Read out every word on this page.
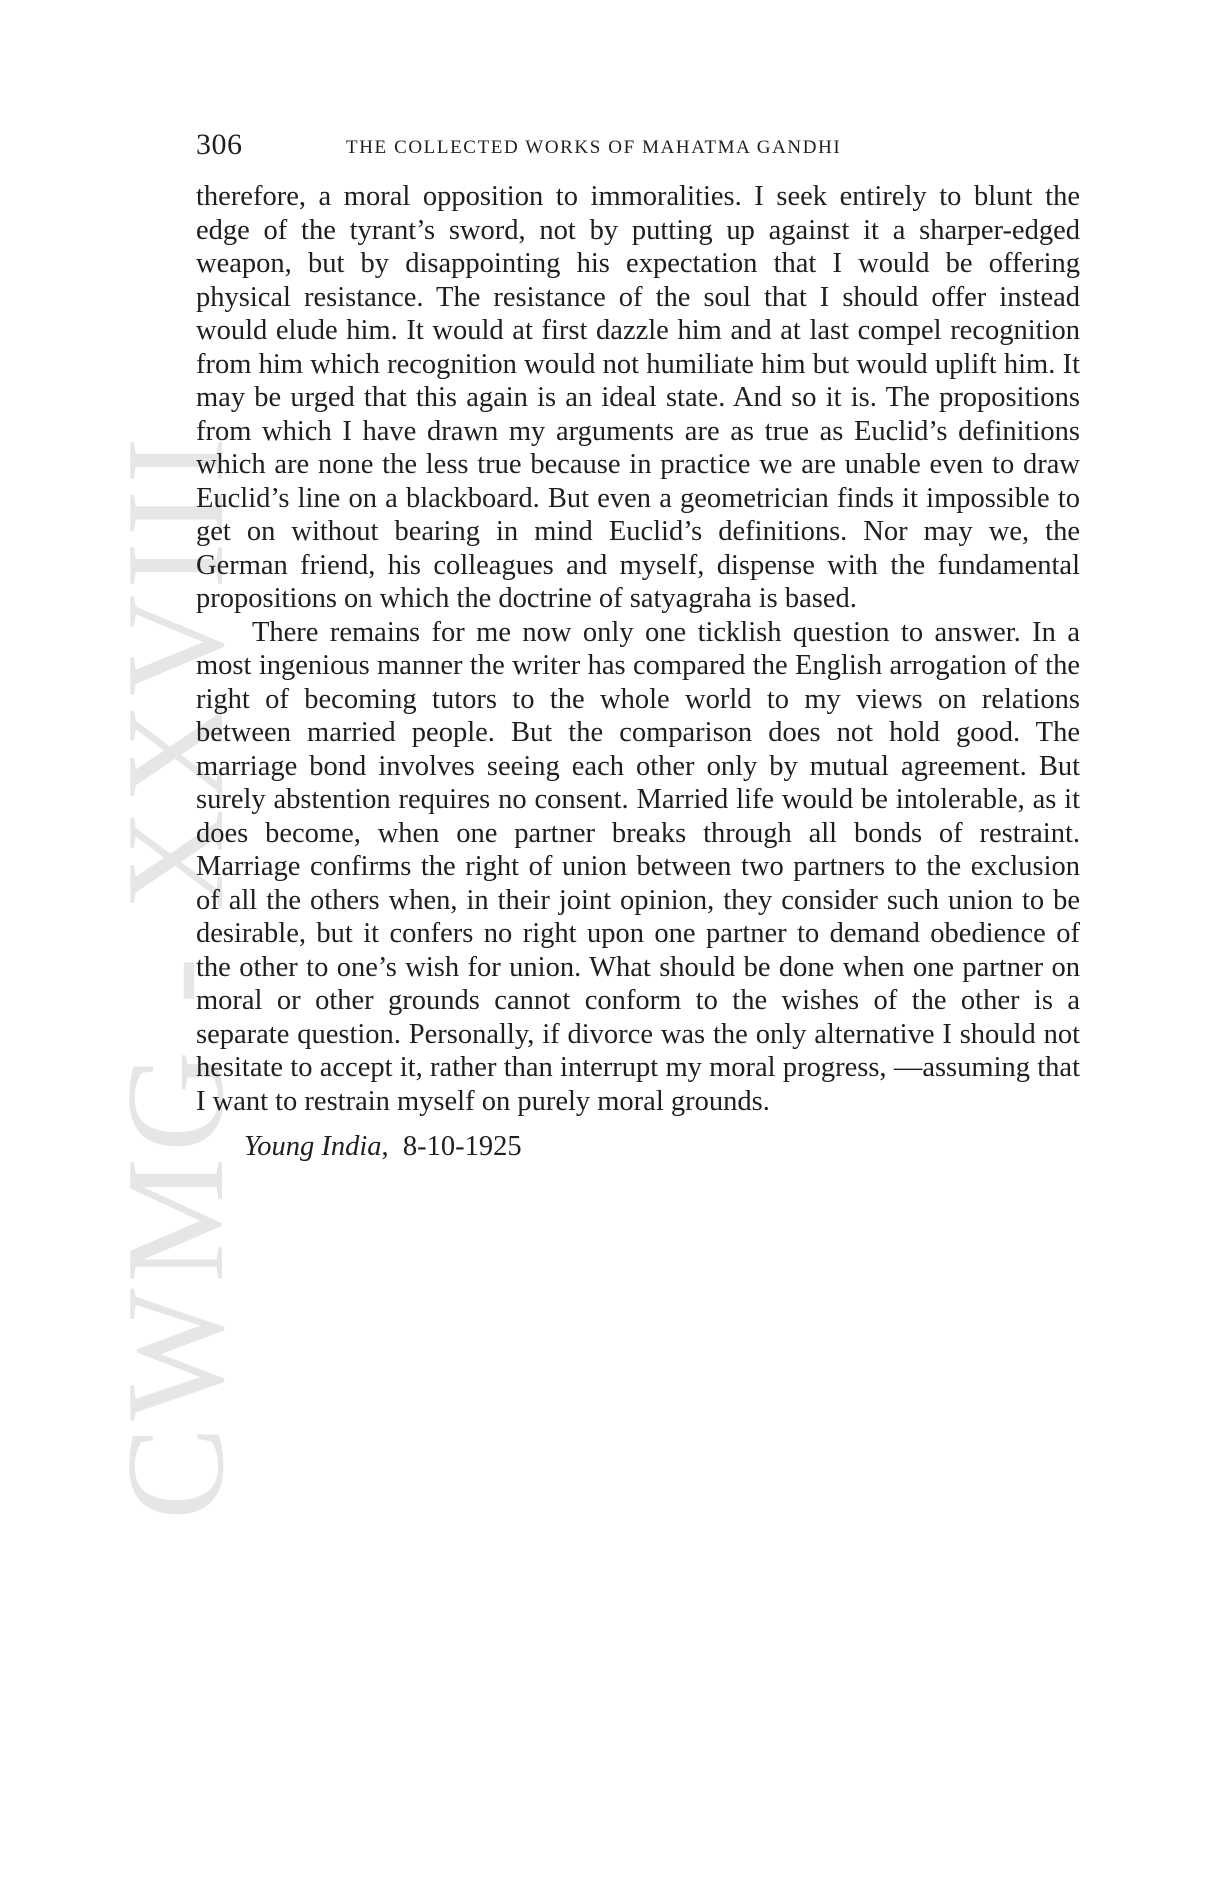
CWMG - XXVIII
306	THE COLLECTED WORKS OF MAHATMA GANDHI

therefore, a moral opposition to immoralities. I seek entirely to blunt the edge of the tyrant’s sword, not by putting up against it a sharper-edged weapon, but by disappointing his expectation that I would be offering physical resistance. The resistance of the soul that I should offer instead would elude him. It would at first dazzle him and at last compel recognition from him which recognition would not humiliate him but would uplift him. It may be urged that this again is an ideal state. And so it is. The propositions from which I have drawn my arguments are as true as Euclid’s definitions which are none the less true because in practice we are unable even to draw Euclid’s line on a blackboard. But even a geometrician finds it impossible to get on without bearing in mind Euclid’s definitions. Nor may we, the German friend, his colleagues and myself, dispense with the fundamental propositions on which the doctrine of satyagraha is based.

There remains for me now only one ticklish question to answer. In a most ingenious manner the writer has compared the English arrogation of the right of becoming tutors to the whole world to my views on relations between married people. But the comparison does not hold good. The marriage bond involves seeing each other only by mutual agreement. But surely abstention requires no consent. Married life would be intolerable, as it does become, when one partner breaks through all bonds of restraint. Marriage confirms the right of union between two partners to the exclusion of all the others when, in their joint opinion, they consider such union to be desirable, but it confers no right upon one partner to demand obedience of the other to one’s wish for union. What should be done when one partner on moral or other grounds cannot conform to the wishes of the other is a separate question. Personally, if divorce was the only alternative I should not hesitate to accept it, rather than interrupt my moral progress, —assuming that I want to restrain myself on purely moral grounds.

Young India, 8-10-1925
